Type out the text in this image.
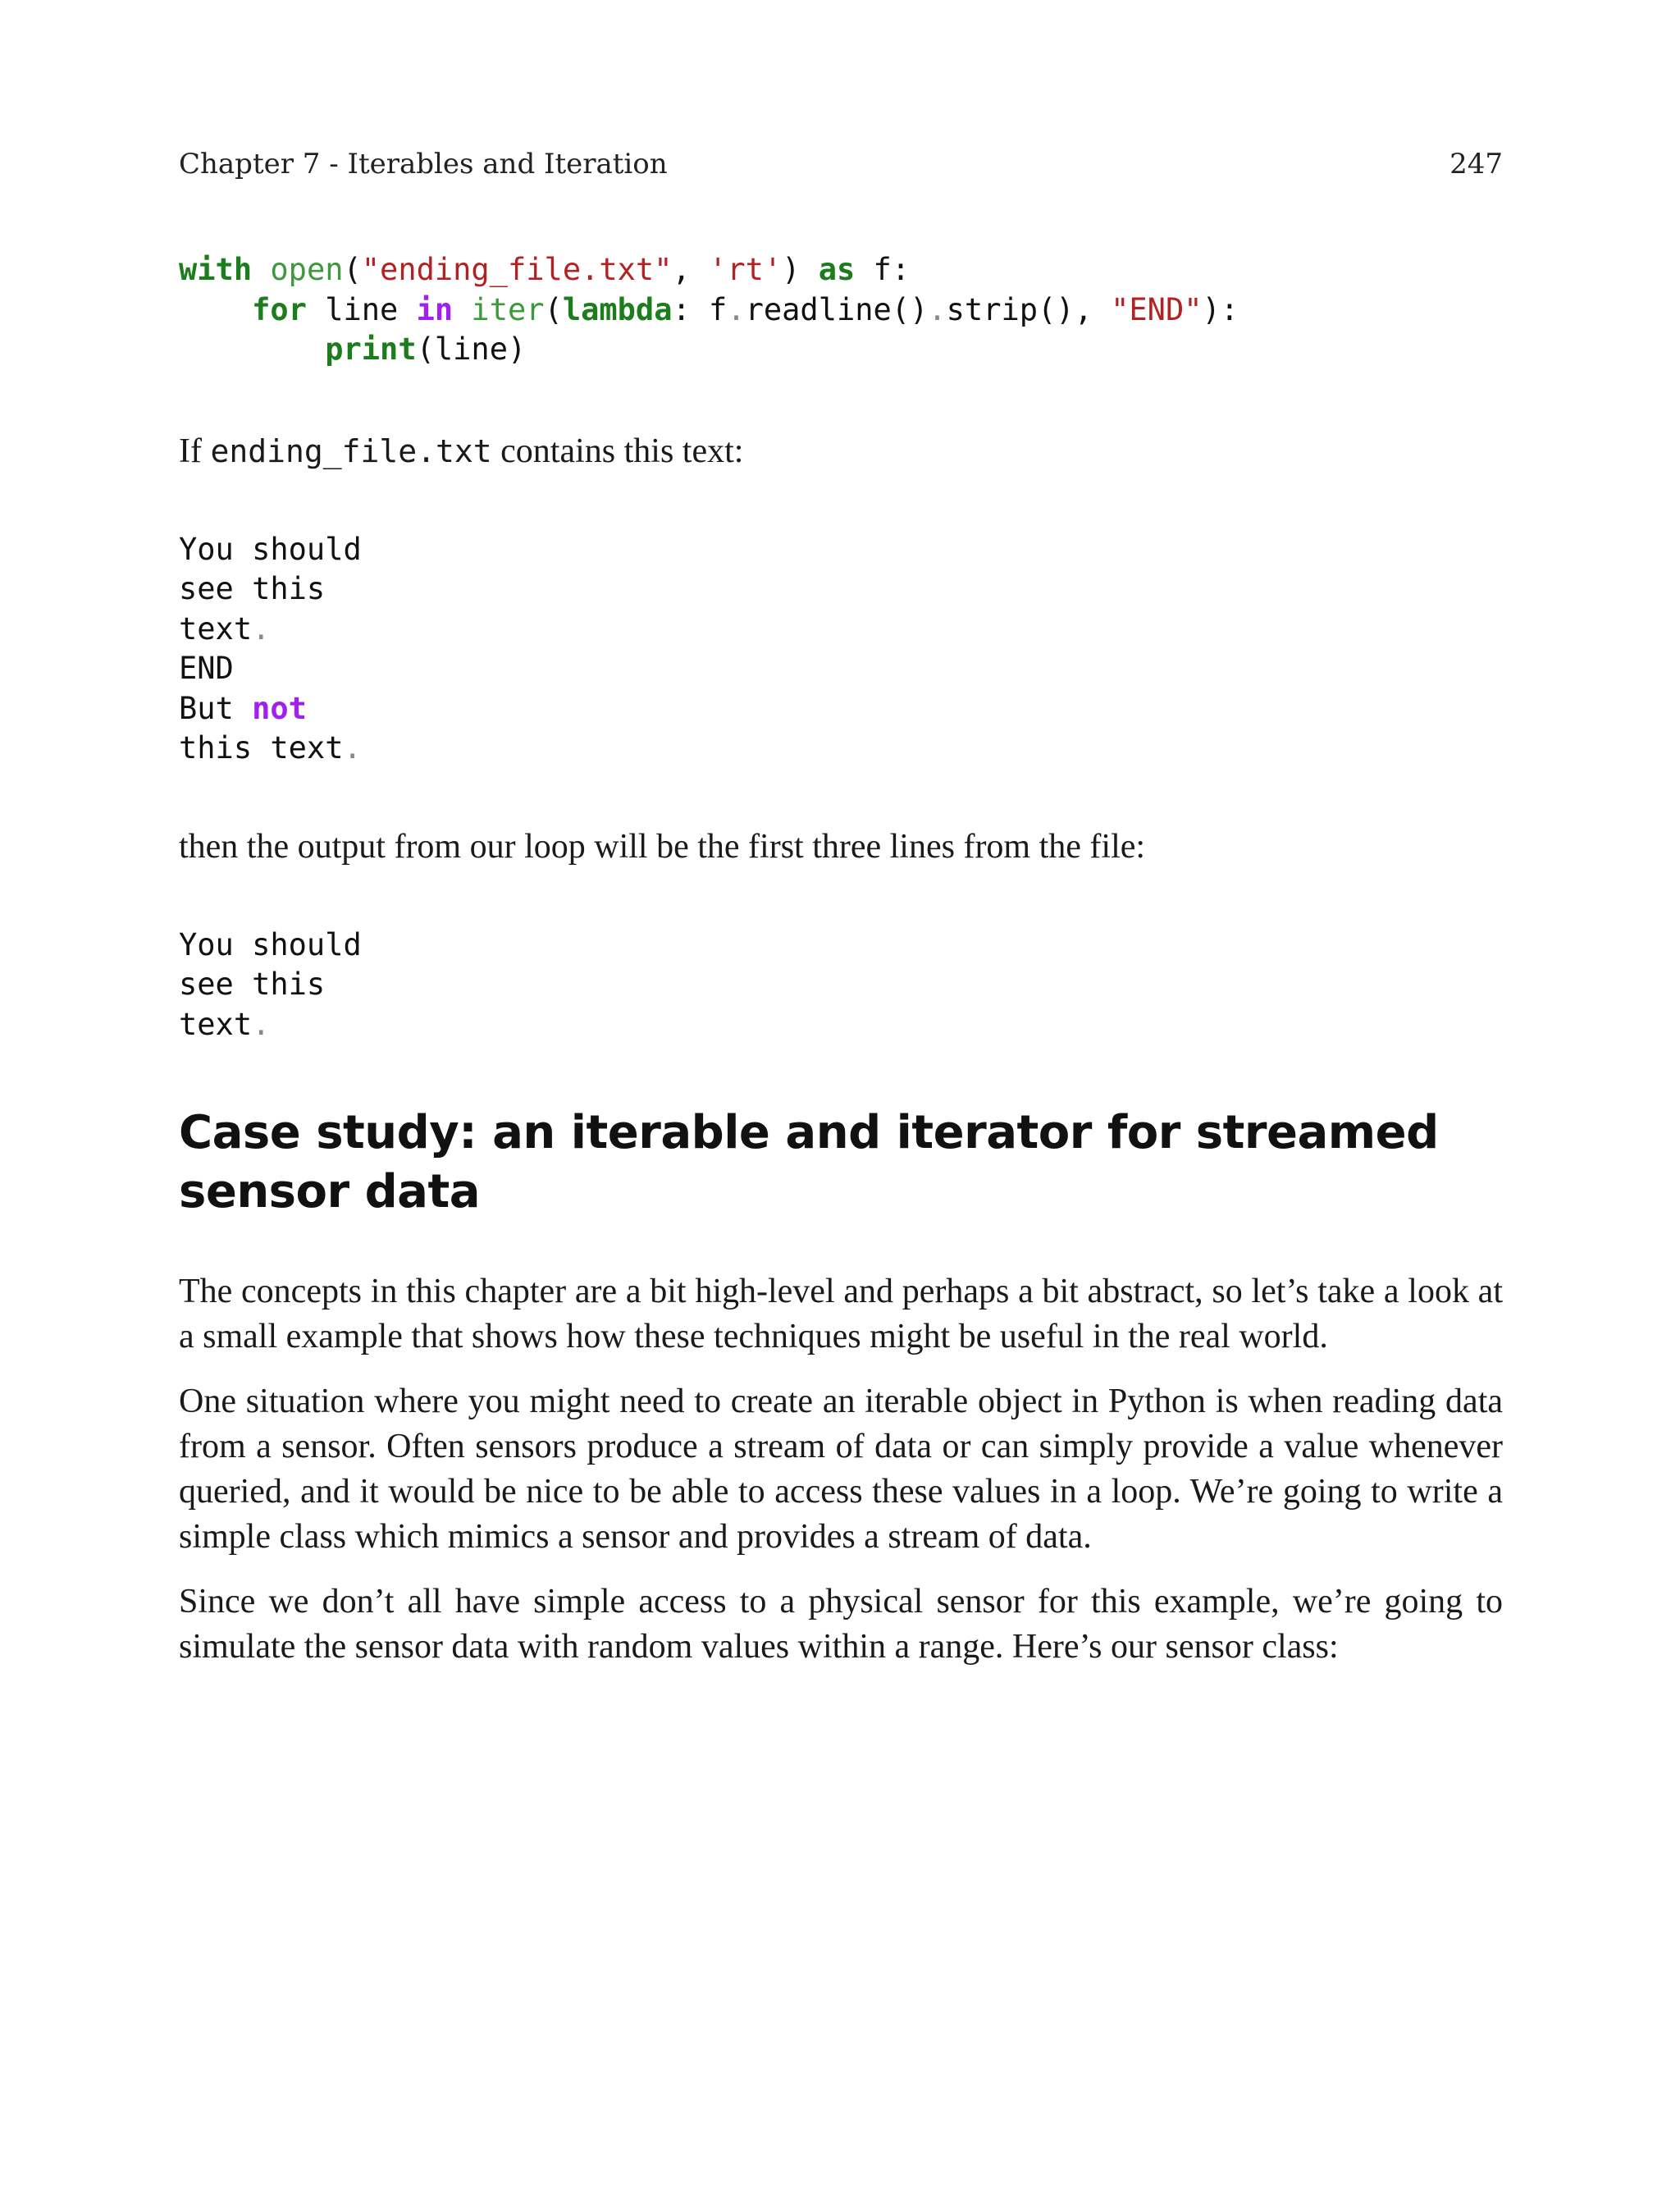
Chapter 7 - Iterables and Iteration	247
with open("ending_file.txt", 'rt') as f:
for line in iter(lambda: f.readline().strip(), "END"):
print(line)

If ending_file.txt contains this text:

You should
see this
text.
END
But not
this text.

then the output from our loop will be the first three lines from the file:

You should
see this
text.
Case study: an iterable and iterator for streamed
sensor data

The concepts in this chapter are a bit high-level and perhaps a bit abstract, so let’s take a look at a small example that shows how these techniques might be useful in the real world.

One situation where you might need to create an iterable object in Python is when reading data from a sensor. Often sensors produce a stream of data or can simply provide a value whenever queried, and it would be nice to be able to access these values in a loop. We’re going to write a simple class which mimics a sensor and provides a stream of data.

Since we don’t all have simple access to a physical sensor for this example, we’re going to simulate the sensor data with random values within a range. Here’s our sensor class:
